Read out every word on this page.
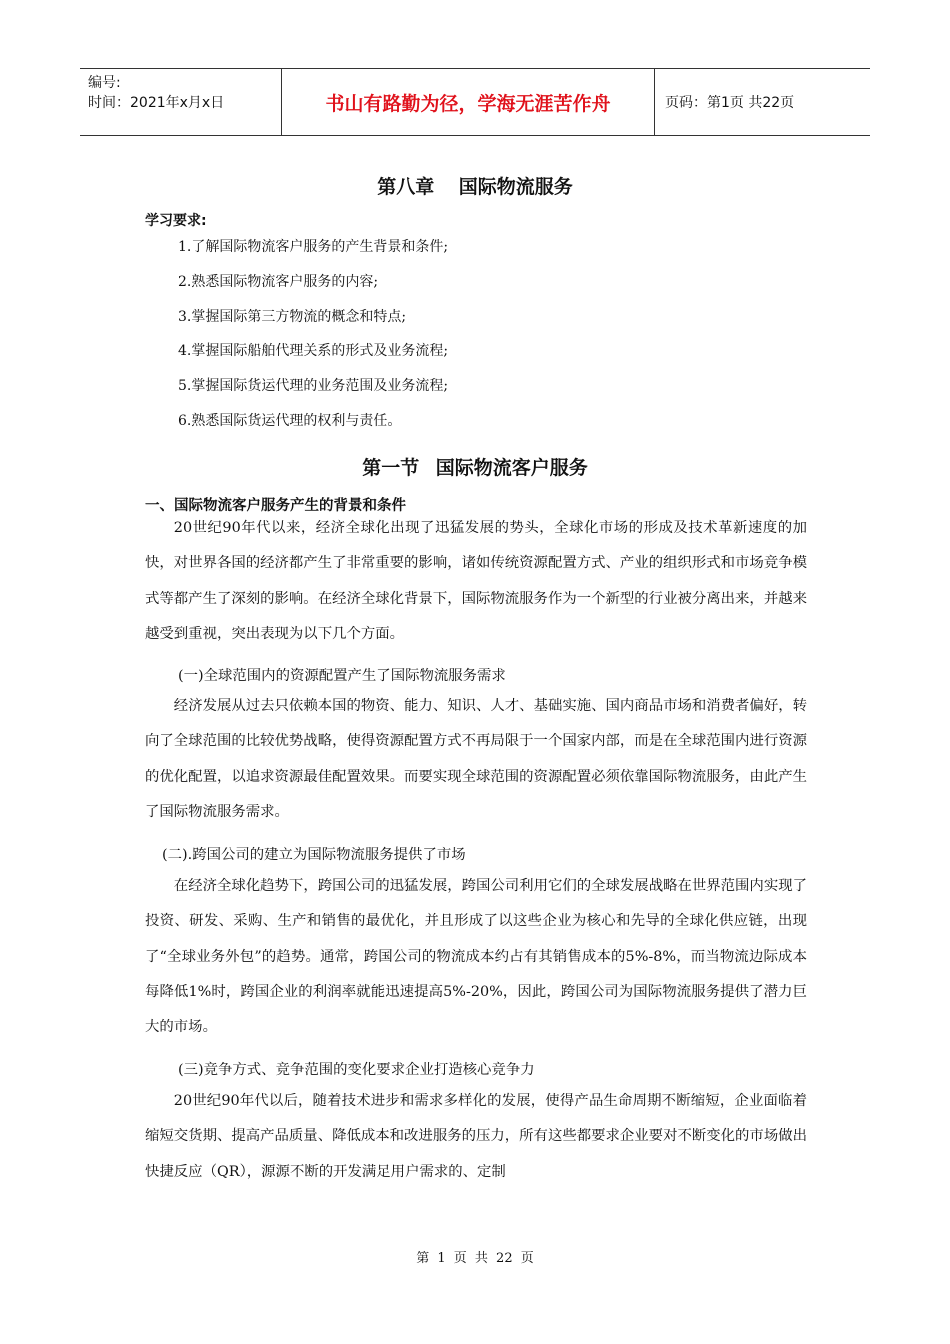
编号:
时间：2021年x月x日	书山有路勤为径，学海无涯苦作舟	页码：第1页 共22页
第八章 国际物流服务
学习要求:
1.了解国际物流客户服务的产生背景和条件;
2.熟悉国际物流客户服务的内容;
3.掌握国际第三方物流的概念和特点;
4.掌握国际船舶代理关系的形式及业务流程;
5.掌握国际货运代理的业务范围及业务流程;
6.熟悉国际货运代理的权利与责任。
第一节 国际物流客户服务
一、国际物流客户服务产生的背景和条件

20世纪90年代以来，经济全球化出现了迅猛发展的势头，全球化市场的形成及技术革新速度的加快，对世界各国的经济都产生了非常重要的影响，诸如传统资源配置方式、产业的组织形式和市场竞争模式等都产生了深刻的影响。在经济全球化背景下，国际物流服务作为一个新型的行业被分离出来，并越来越受到重视，突出表现为以下几个方面。

(一)全球范围内的资源配置产生了国际物流服务需求

经济发展从过去只依赖本国的物资、能力、知识、人才、基础实施、国内商品市场和消费者偏好，转向了全球范围的比较优势战略，使得资源配置方式不再局限于一个国家内部，而是在全球范围内进行资源的优化配置，以追求资源最佳配置效果。而要实现全球范围的资源配置必须依靠国际物流服务，由此产生了国际物流服务需求。

(二).跨国公司的建立为国际物流服务提供了市场

在经济全球化趋势下，跨国公司的迅猛发展，跨国公司利用它们的全球发展战略在世界范围内实现了投资、研发、采购、生产和销售的最优化，并且形成了以这些企业为核心和先导的全球化供应链，出现了“全球业务外包”的趋势。通常，跨国公司的物流成本约占有其销售成本的5%-8%，而当物流边际成本每降低1%时，跨国企业的利润率就能迅速提高5%-20%，因此，跨国公司为国际物流服务提供了潜力巨大的市场。

(三)竞争方式、竞争范围的变化要求企业打造核心竞争力

20世纪90年代以后，随着技术进步和需求多样化的发展，使得产品生命周期不断缩短，企业面临着缩短交货期、提高产品质量、降低成本和改进服务的压力，所有这些都要求企业要对不断变化的市场做出快捷反应（QR），源源不断的开发满足用户需求的、定制

第 1 页 共 22 页
